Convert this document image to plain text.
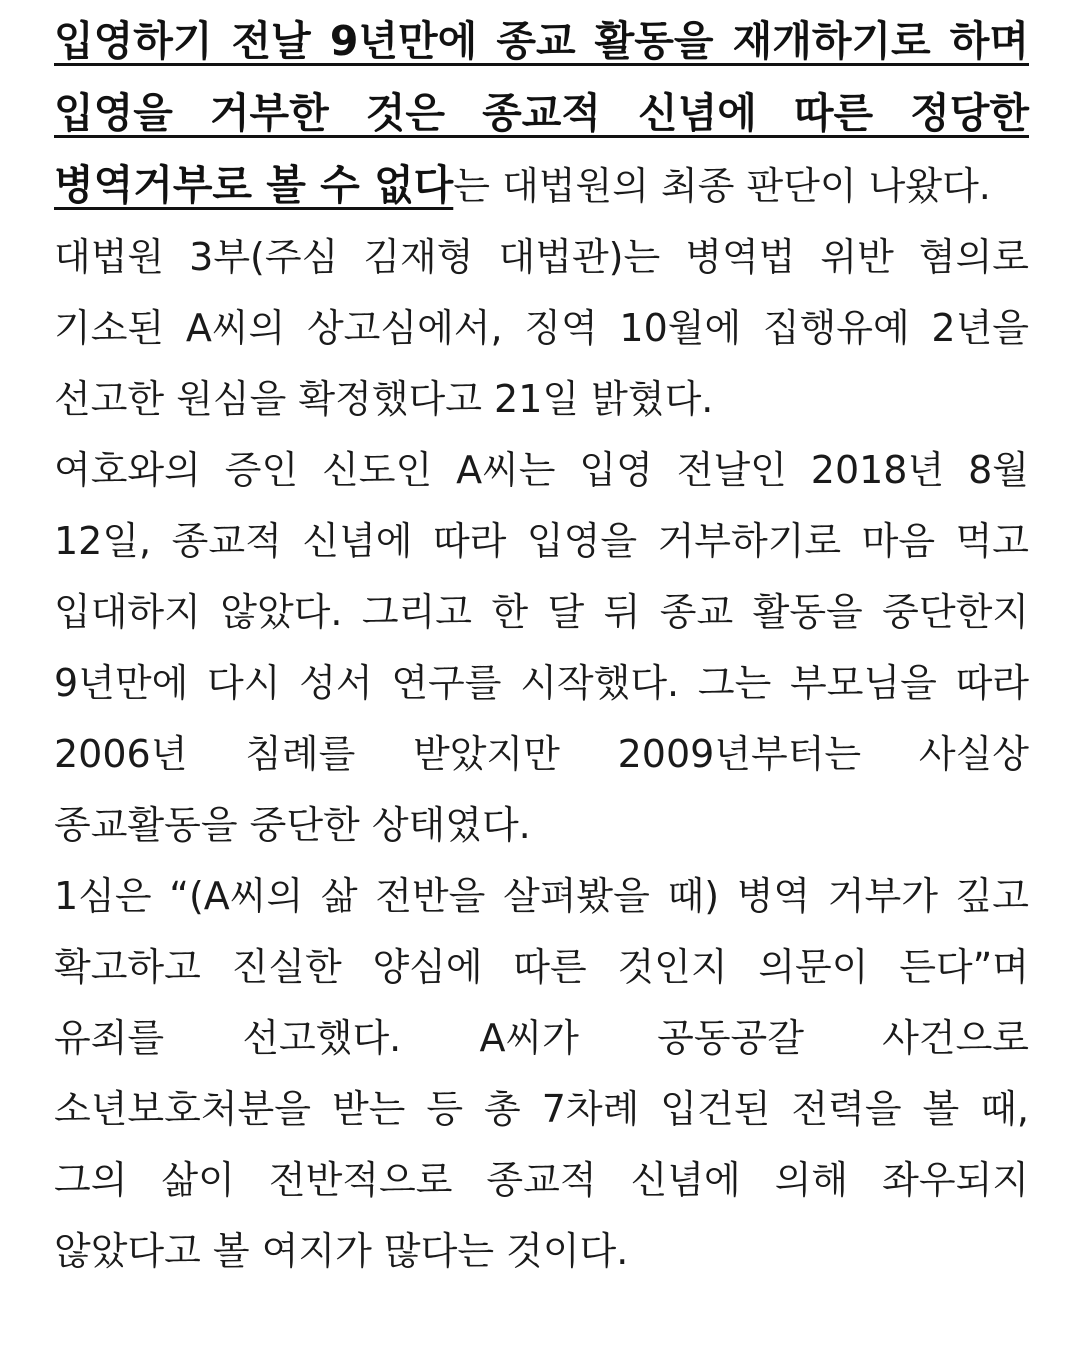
입영하기 전날 9년만에 종교 활동을 재개하기로 하며 입영을 거부한 것은 종교적 신념에 따른 정당한 병역거부로 볼 수 없다는 대법원의 최종 판단이 나왔다.

대법원 3부(주심 김재형 대법관)는 병역법 위반 혐의로 기소된 A씨의 상고심에서, 징역 10월에 집행유예 2년을 선고한 원심을 확정했다고 21일 밝혔다.

여호와의 증인 신도인 A씨는 입영 전날인 2018년 8월 12일, 종교적 신념에 따라 입영을 거부하기로 마음 먹고 입대하지 않았다. 그리고 한 달 뒤 종교 활동을 중단한지 9년만에 다시 성서 연구를 시작했다. 그는 부모님을 따라 2006년 침례를 받았지만 2009년부터는 사실상 종교활동을 중단한 상태였다.

1심은 “(A씨의 삶 전반을 살펴봤을 때) 병역 거부가 깊고 확고하고 진실한 양심에 따른 것인지 의문이 든다”며 유죄를 선고했다. A씨가 공동공갈 사건으로 소년보호처분을 받는 등 총 7차례 입건된 전력을 볼 때, 그의 삶이 전반적으로 종교적 신념에 의해 좌우되지 않았다고 볼 여지가 많다는 것이다.
